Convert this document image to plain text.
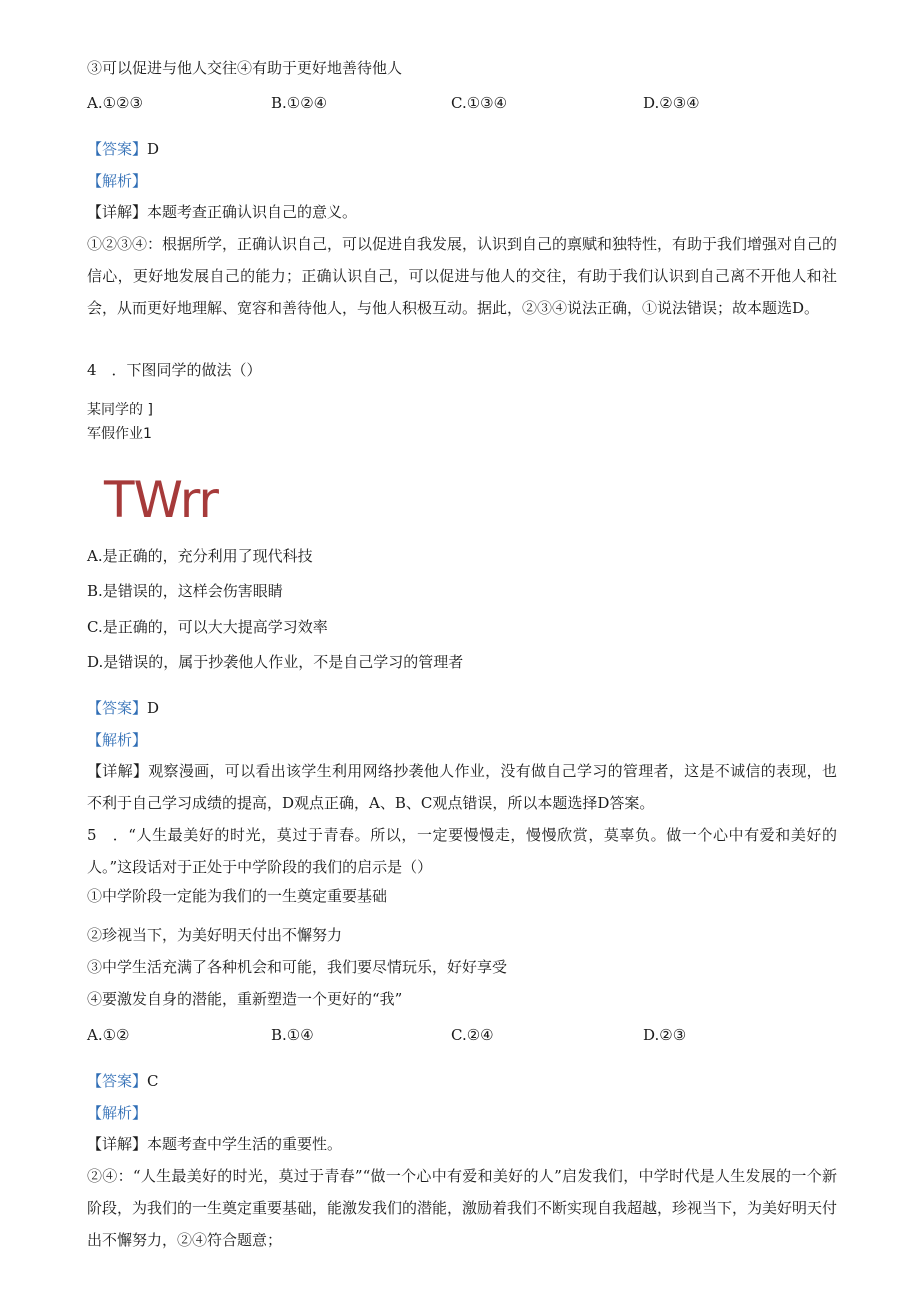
③可以促进与他人交往④有助于更好地善待他人
A.①②③	B.①②④	C.①③④	D.②③④
【答案】D
【解析】
【详解】本题考查正确认识自己的意义。
①②③④：根据所学，正确认识自己，可以促进自我发展，认识到自己的禀赋和独特性，有助于我们增强对自己的信心，更好地发展自己的能力；正确认识自己，可以促进与他人的交往，有助于我们认识到自己离不开他人和社会，从而更好地理解、宽容和善待他人，与他人积极互动。据此，②③④说法正确，①说法错误；故本题选D。
4　．下图同学的做法（）
某同学的 ]
军假作业1
TWrr
A.是正确的，充分利用了现代科技
B.是错误的，这样会伤害眼睛
C.是正确的，可以大大提高学习效率
D.是错误的，属于抄袭他人作业，不是自己学习的管理者
【答案】D
【解析】
【详解】观察漫画，可以看出该学生利用网络抄袭他人作业，没有做自己学习的管理者，这是不诚信的表现，也不利于自己学习成绩的提高，D观点正确，A、B、C观点错误，所以本题选择D答案。
5　．“人生最美好的时光，莫过于青春。所以，一定要慢慢走，慢慢欣赏，莫辜负。做一个心中有爱和美好的人。”这段话对于正处于中学阶段的我们的启示是（）
①中学阶段一定能为我们的一生奠定重要基础
②珍视当下，为美好明天付出不懈努力
③中学生活充满了各种机会和可能，我们要尽情玩乐，好好享受
④要激发自身的潜能，重新塑造一个更好的“我”
A.①②	B.①④	C.②④	D.②③
【答案】C
【解析】
【详解】本题考查中学生活的重要性。
②④：“人生最美好的时光，莫过于青春”“做一个心中有爱和美好的人”启发我们，中学时代是人生发展的一个新阶段，为我们的一生奠定重要基础，能激发我们的潜能，激励着我们不断实现自我超越，珍视当下，为美好明天付出不懈努力，②④符合题意；
